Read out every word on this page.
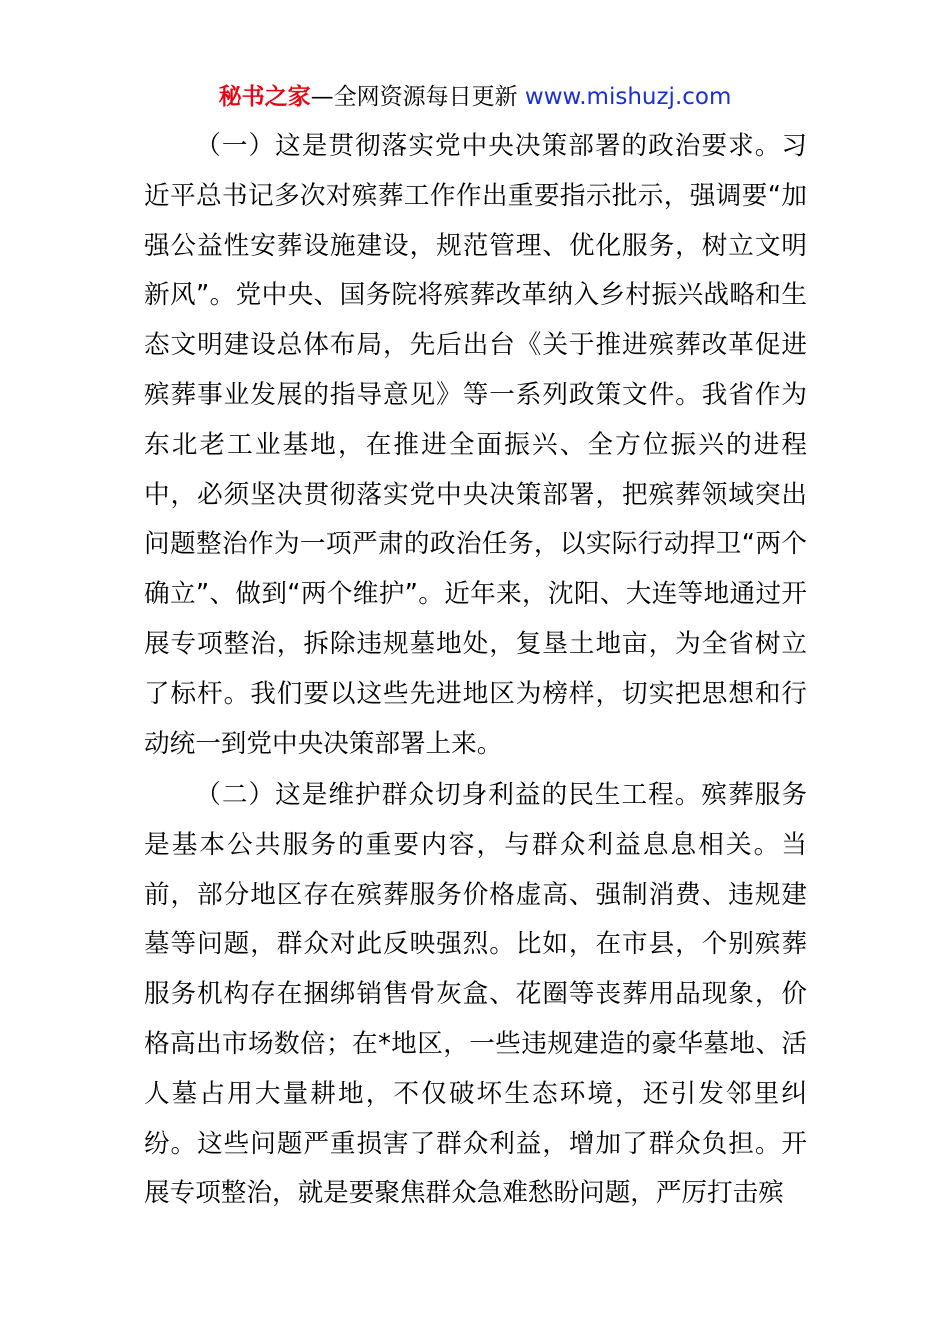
秘书之家—全网资源每日更新 www.mishuzj.com

（一）这是贯彻落实党中央决策部署的政治要求。习近平总书记多次对殡葬工作作出重要指示批示，强调要“加强公益性安葬设施建设，规范管理、优化服务，树立文明新风”。党中央、国务院将殡葬改革纳入乡村振兴战略和生态文明建设总体布局，先后出台《关于推进殡葬改革促进殡葬事业发展的指导意见》等一系列政策文件。我省作为东北老工业基地，在推进全面振兴、全方位振兴的进程中，必须坚决贯彻落实党中央决策部署，把殡葬领域突出问题整治作为一项严肃的政治任务，以实际行动捍卫“两个确立”、做到“两个维护”。近年来，沈阳、大连等地通过开展专项整治，拆除违规墓地处，复垦土地亩，为全省树立了标杆。我们要以这些先进地区为榜样，切实把思想和行动统一到党中央决策部署上来。

（二）这是维护群众切身利益的民生工程。殡葬服务是基本公共服务的重要内容，与群众利益息息相关。当前，部分地区存在殡葬服务价格虚高、强制消费、违规建墓等问题，群众对此反映强烈。比如，在市县，个别殡葬服务机构存在捆绑销售骨灰盒、花圈等丧葬用品现象，价格高出市场数倍；在*地区，一些违规建造的豪华墓地、活人墓占用大量耕地，不仅破坏生态环境，还引发邻里纠纷。这些问题严重损害了群众利益，增加了群众负担。开展专项整治，就是要聚焦群众急难愁盼问题，严厉打击殡
